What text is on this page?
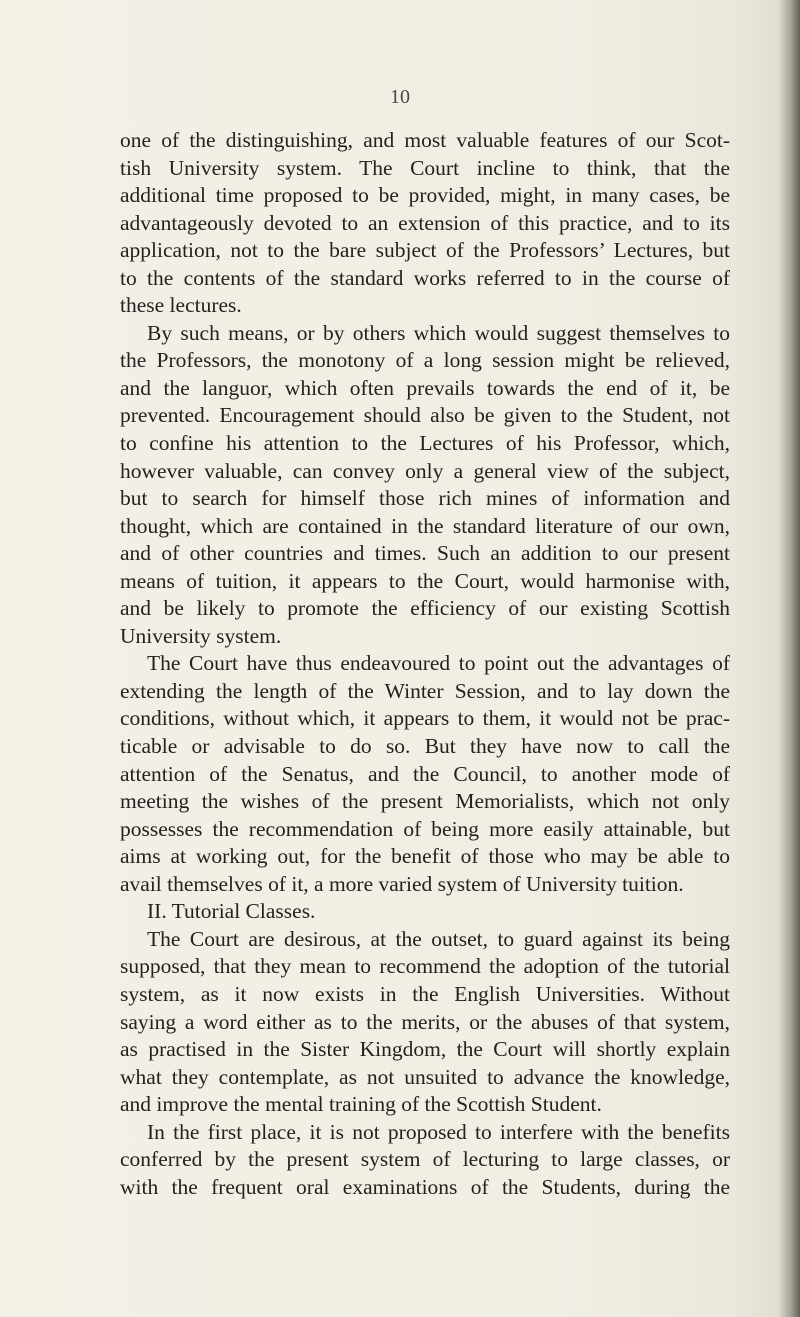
10
one of the distinguishing, and most valuable features of our Scot-
tish University system. The Court incline to think, that the
additional time proposed to be provided, might, in many cases, be
advantageously devoted to an extension of this practice, and to its
application, not to the bare subject of the Professors’ Lectures, but
to the contents of the standard works referred to in the course of
these lectures.
By such means, or by others which would suggest themselves to
the Professors, the monotony of a long session might be relieved,
and the languor, which often prevails towards the end of it, be
prevented. Encouragement should also be given to the Student, not
to confine his attention to the Lectures of his Professor, which,
however valuable, can convey only a general view of the subject,
but to search for himself those rich mines of information and
thought, which are contained in the standard literature of our own,
and of other countries and times. Such an addition to our present
means of tuition, it appears to the Court, would harmonise with,
and be likely to promote the efficiency of our existing Scottish
University system.
The Court have thus endeavoured to point out the advantages of
extending the length of the Winter Session, and to lay down the
conditions, without which, it appears to them, it would not be prac-
ticable or advisable to do so. But they have now to call the
attention of the Senatus, and the Council, to another mode of
meeting the wishes of the present Memorialists, which not only
possesses the recommendation of being more easily attainable, but
aims at working out, for the benefit of those who may be able to
avail themselves of it, a more varied system of University tuition.
II. Tutorial Classes.
The Court are desirous, at the outset, to guard against its being
supposed, that they mean to recommend the adoption of the tutorial
system, as it now exists in the English Universities. Without
saying a word either as to the merits, or the abuses of that system,
as practised in the Sister Kingdom, the Court will shortly explain
what they contemplate, as not unsuited to advance the knowledge,
and improve the mental training of the Scottish Student.
In the first place, it is not proposed to interfere with the benefits
conferred by the present system of lecturing to large classes, or
with the frequent oral examinations of the Students, during the
